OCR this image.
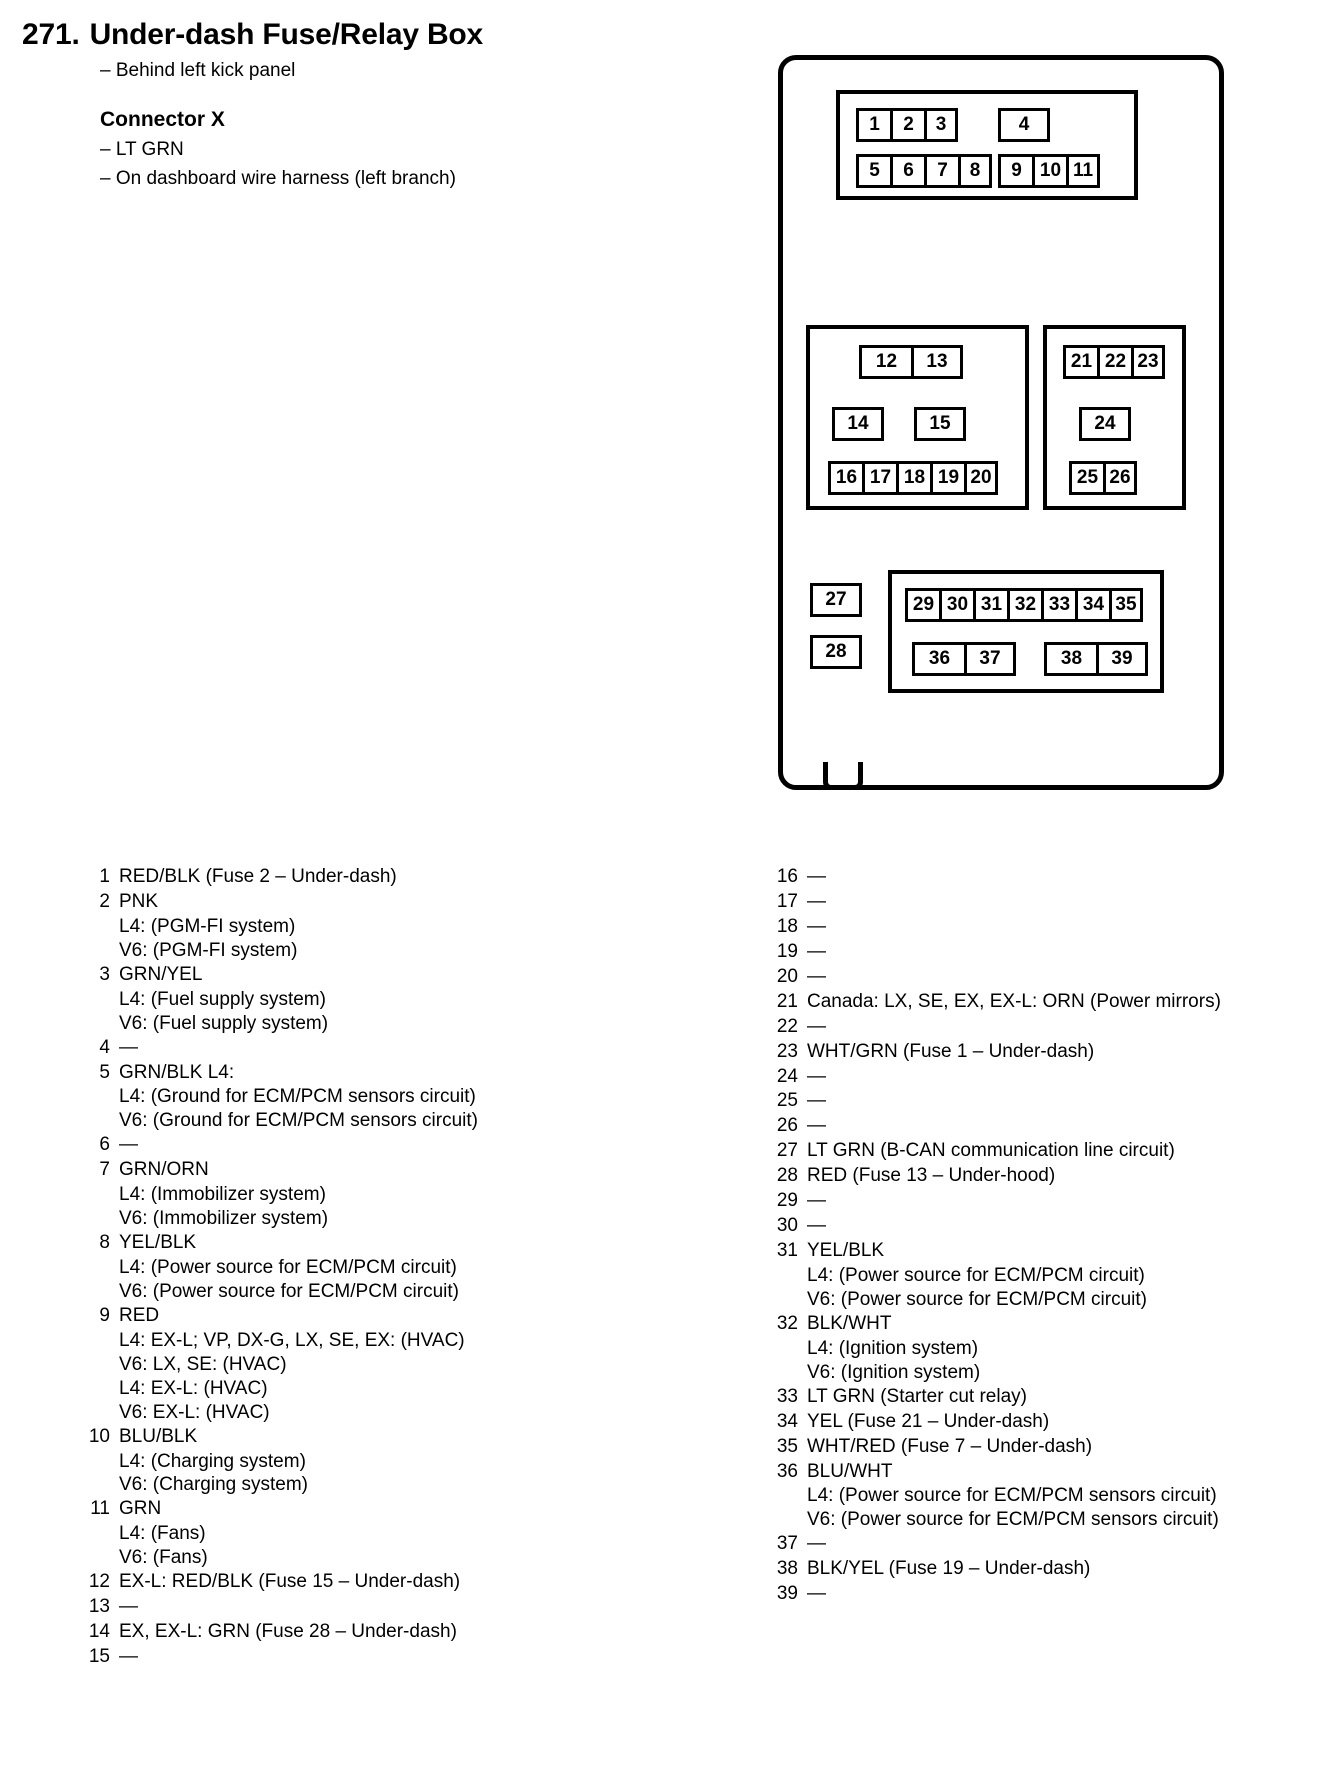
271. Under-dash Fuse/Relay Box
– Behind left kick panel
Connector X
– LT GRN
– On dashboard wire harness (left branch)
1	2	3	4
5	6	7	8	9 10 11
12	13
14	15
16 17 18 19 20
21 22 23
24
25 26
27
28
29 30 31 32 33 34 35
36	37	38	39
1 RED/BLK (Fuse 2 – Under-dash)
2 PNK
L4: (PGM-FI system)
V6: (PGM-FI system)
3 GRN/YEL
L4: (Fuel supply system)
V6: (Fuel supply system)
4 —
5 GRN/BLK L4:
L4: (Ground for ECM/PCM sensors circuit)
V6: (Ground for ECM/PCM sensors circuit)
6 —
7 GRN/ORN
L4: (Immobilizer system)
V6: (Immobilizer system)
8 YEL/BLK
L4: (Power source for ECM/PCM circuit)
V6: (Power source for ECM/PCM circuit)
9 RED
L4: EX-L; VP, DX-G, LX, SE, EX: (HVAC)
V6: LX, SE: (HVAC)
L4: EX-L: (HVAC)
V6: EX-L: (HVAC)
10 BLU/BLK
L4: (Charging system)
V6: (Charging system)
11 GRN
L4: (Fans)
V6: (Fans)
12 EX-L: RED/BLK (Fuse 15 – Under-dash)
13 —
14 EX, EX-L: GRN (Fuse 28 – Under-dash)
15 —
16 —
17 —
18 —
19 —
20 —
21 Canada: LX, SE, EX, EX-L: ORN (Power mirrors)
22 —
23 WHT/GRN (Fuse 1 – Under-dash)
24 —
25 —
26 —
27 LT GRN (B-CAN communication line circuit)
28 RED (Fuse 13 – Under-hood)
29 —
30 —
31 YEL/BLK
L4: (Power source for ECM/PCM circuit)
V6: (Power source for ECM/PCM circuit)
32 BLK/WHT
L4: (Ignition system)
V6: (Ignition system)
33 LT GRN (Starter cut relay)
34 YEL (Fuse 21 – Under-dash)
35 WHT/RED (Fuse 7 – Under-dash)
36 BLU/WHT
L4: (Power source for ECM/PCM sensors circuit)
V6: (Power source for ECM/PCM sensors circuit)
37 —
38 BLK/YEL (Fuse 19 – Under-dash)
39 —
